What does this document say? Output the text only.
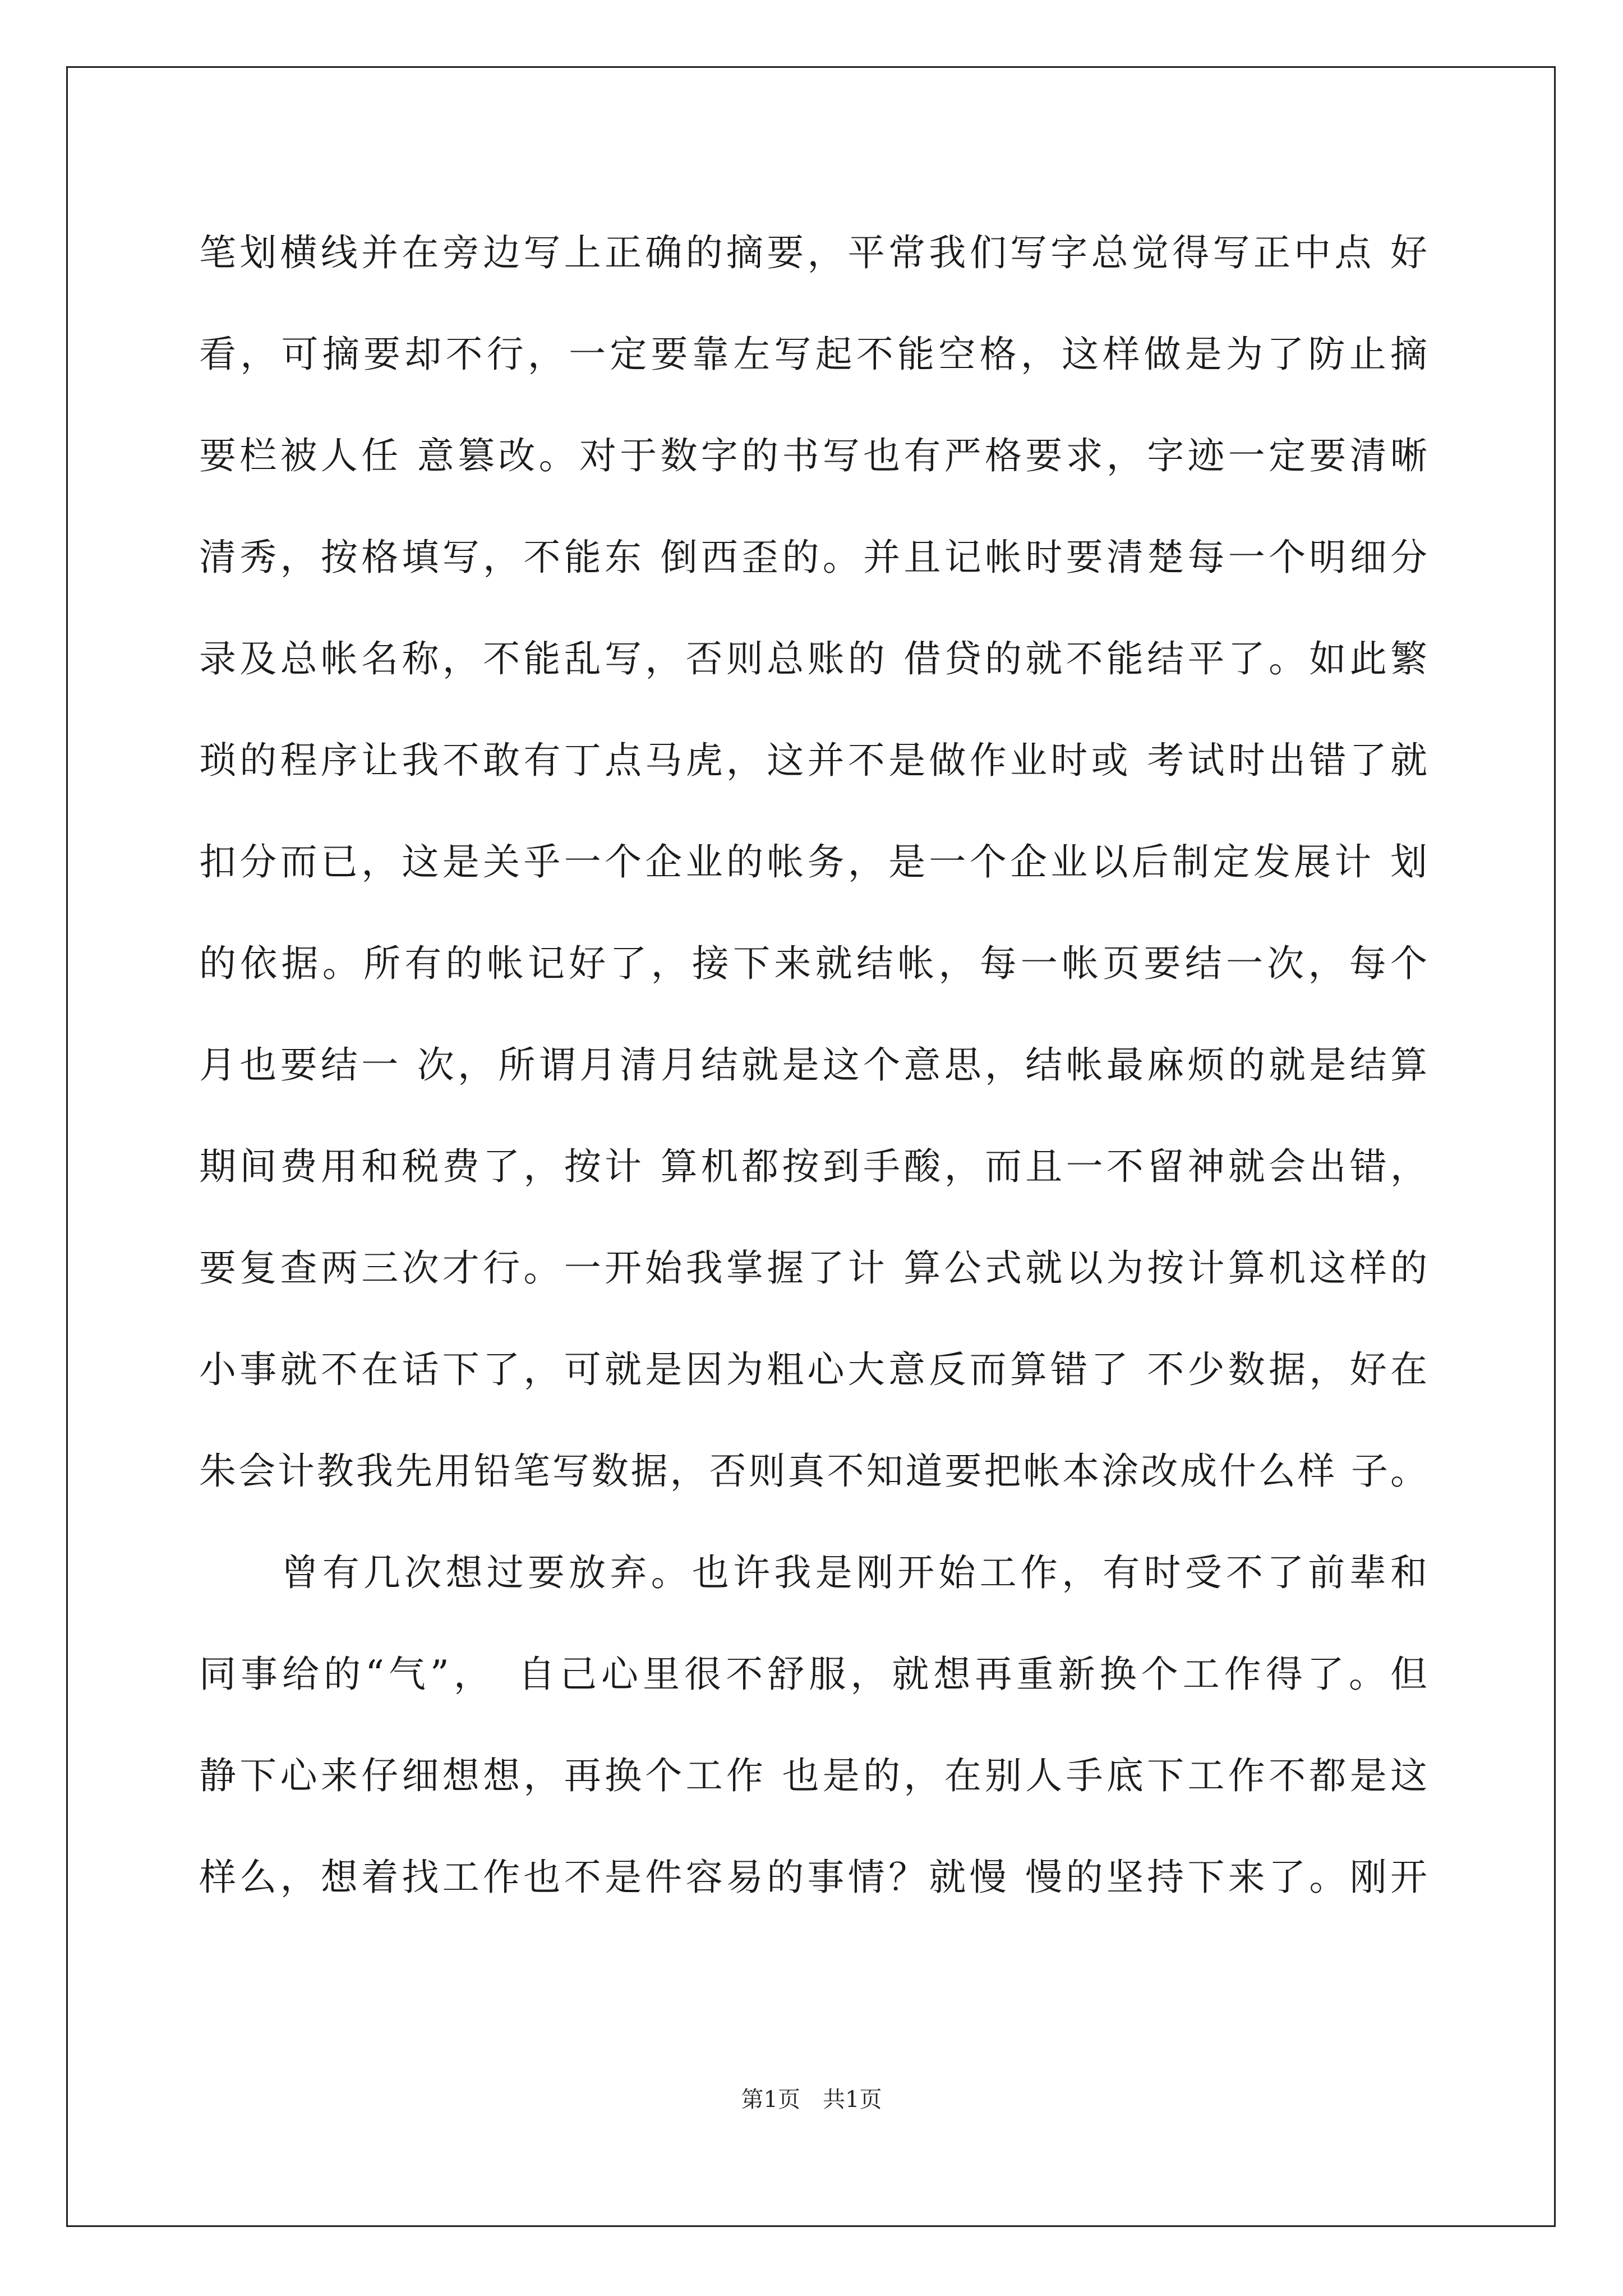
笔划横线并在旁边写上正确的摘要，平常我们写字总觉得写正中点 好
看，可摘要却不行，一定要靠左写起不能空格，这样做是为了防止摘
要栏被人任 意篡改。对于数字的书写也有严格要求，字迹一定要清晰
清秀，按格填写，不能东 倒西歪的。并且记帐时要清楚每一个明细分
录及总帐名称，不能乱写，否则总账的 借贷的就不能结平了。如此繁
琐的程序让我不敢有丁点马虎，这并不是做作业时或 考试时出错了就
扣分而已，这是关乎一个企业的帐务，是一个企业以后制定发展计 划
的依据。所有的帐记好了，接下来就结帐，每一帐页要结一次，每个
月也要结一 次，所谓月清月结就是这个意思，结帐最麻烦的就是结算
期间费用和税费了，按计 算机都按到手酸，而且一不留神就会出错，
要复查两三次才行。一开始我掌握了计 算公式就以为按计算机这样的
小事就不在话下了，可就是因为粗心大意反而算错了 不少数据，好在
朱会计教我先用铅笔写数据，否则真不知道要把帐本涂改成什么样 子。
　　曾有几次想过要放弃。也许我是刚开始工作，有时受不了前辈和
同事给的“气”，　自己心里很不舒服，就想再重新换个工作得了。但
静下心来仔细想想，再换个工作 也是的，在别人手底下工作不都是这
样么，想着找工作也不是件容易的事情？就慢 慢的坚持下来了。刚开
第1页　共1页
